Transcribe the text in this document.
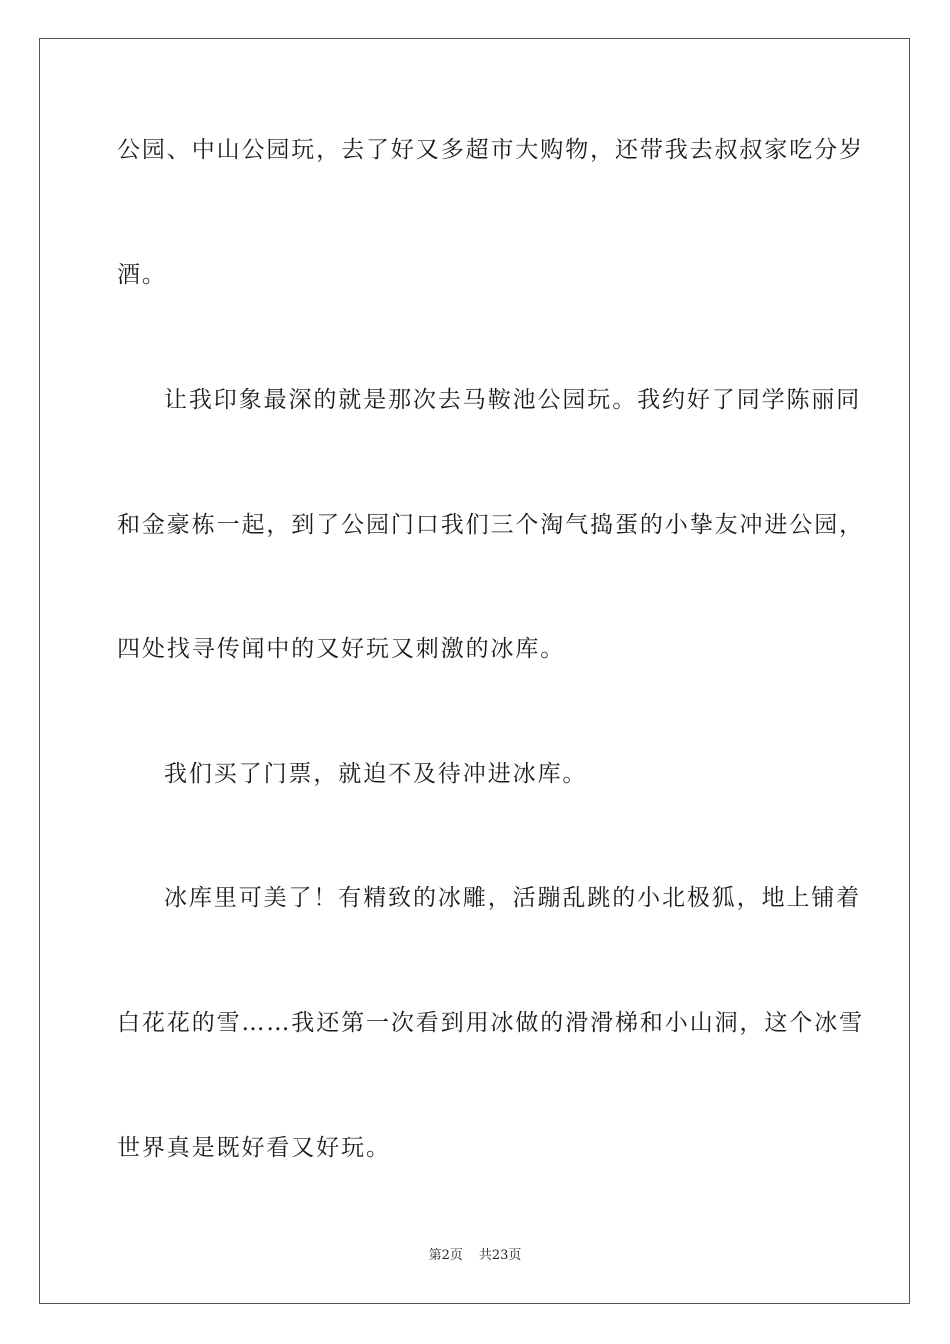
公园、中山公园玩，去了好又多超市大购物，还带我去叔叔家吃分岁

酒。

让我印象最深的就是那次去马鞍池公园玩。我约好了同学陈丽同

和金豪栋一起，到了公园门口我们三个淘气捣蛋的小挚友冲进公园，

四处找寻传闻中的又好玩又刺激的冰库。

我们买了门票，就迫不及待冲进冰库。

冰库里可美了！有精致的冰雕，活蹦乱跳的小北极狐，地上铺着

白花花的雪……我还第一次看到用冰做的滑滑梯和小山洞，这个冰雪

世界真是既好看又好玩。

第2页 共23页
